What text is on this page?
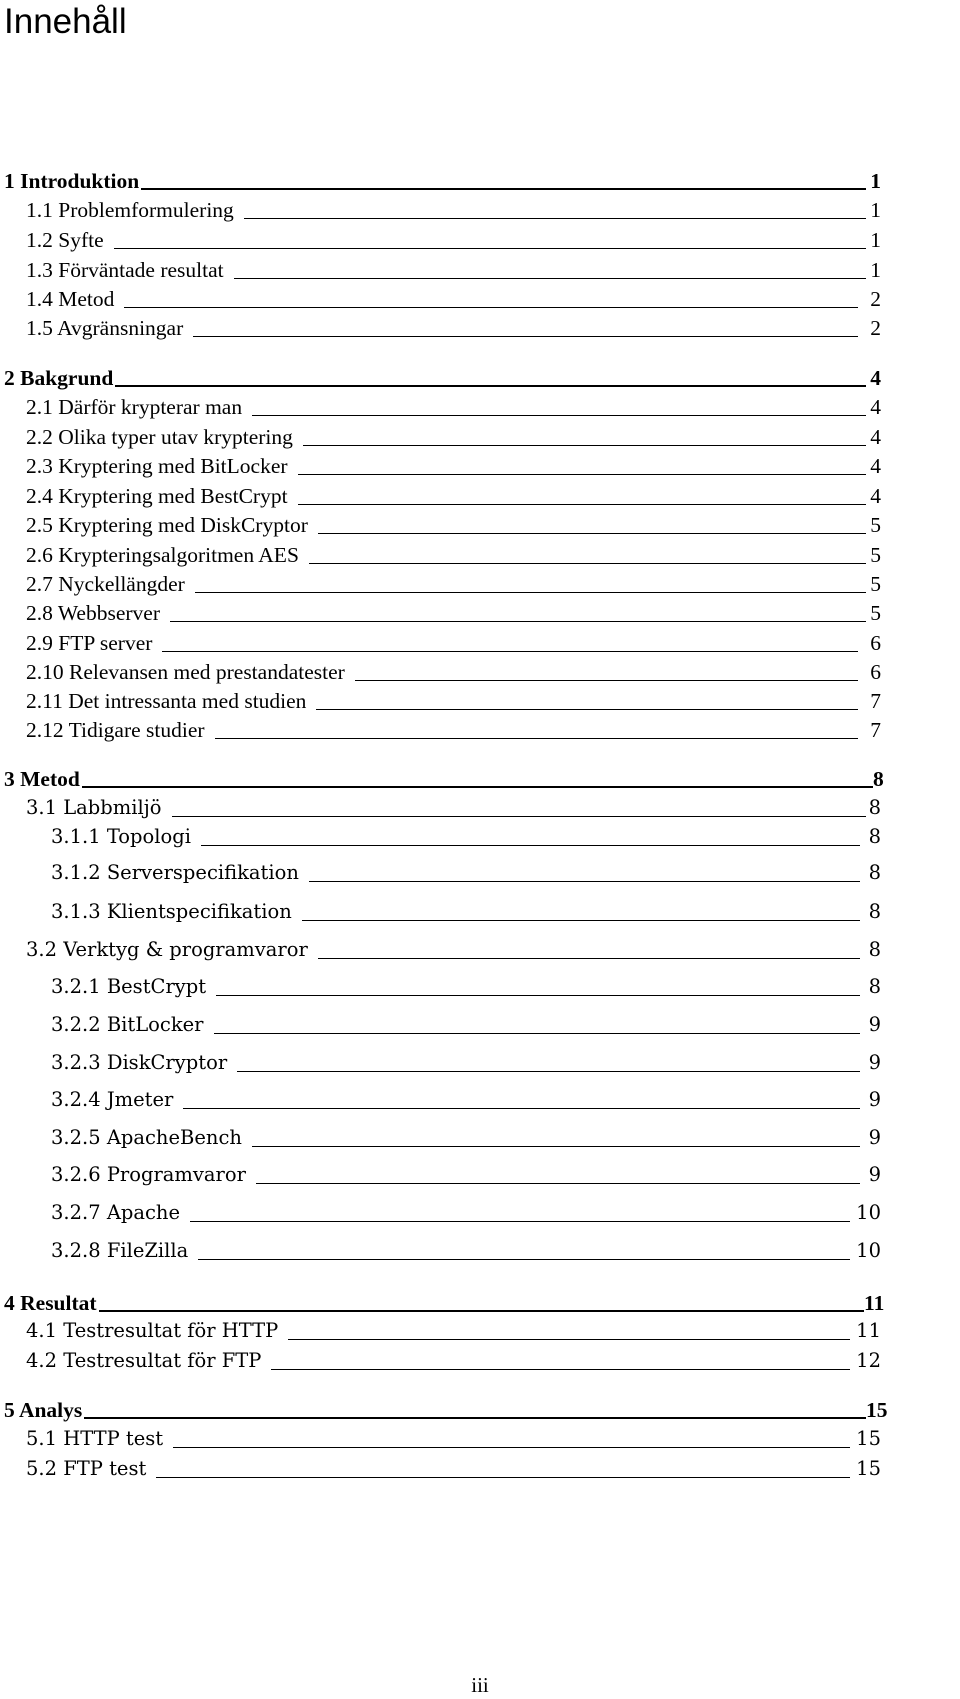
Innehåll
1 Introduktion	1
1.1 Problemformulering	1
1.2 Syfte	1
1.3 Förväntade resultat	1
1.4 Metod	2
1.5 Avgränsningar	2
2 Bakgrund	4
2.1 Därför krypterar man	4
2.2 Olika typer utav kryptering	4
2.3 Kryptering med BitLocker	4
2.4 Kryptering med BestCrypt	4
2.5 Kryptering med DiskCryptor	5
2.6 Krypteringsalgoritmen AES	5
2.7 Nyckellängder	5
2.8 Webbserver	5
2.9 FTP server	6
2.10 Relevansen med prestandatester	6
2.11 Det intressanta med studien	7
2.12 Tidigare studier	7
3 Metod	8
3.1 Labbmiljö	8
3.1.1 Topologi	8
3.1.2 Serverspecifikation	8
3.1.3 Klientspecifikation	8
3.2 Verktyg & programvaror	8
3.2.1 BestCrypt	8
3.2.2 BitLocker	9
3.2.3 DiskCryptor	9
3.2.4 Jmeter	9
3.2.5 ApacheBench	9
3.2.6 Programvaror	9
3.2.7 Apache	10
3.2.8 FileZilla	10
4 Resultat	11
4.1 Testresultat för HTTP	11
4.2 Testresultat för FTP	12
5 Analys	15
5.1 HTTP test	15
5.2 FTP test	15
iii
